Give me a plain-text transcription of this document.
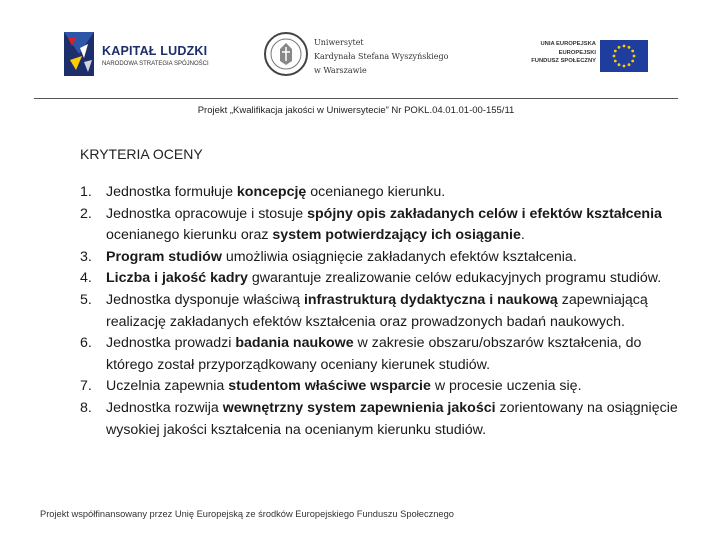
KAPITAŁ LUDZKI
NARODOWA STRATEGIA SPÓJNOŚCI
Uniwersytet
Kardynała Stefana Wyszyńskiego
w Warszawie
UNIA EUROPEJSKA
EUROPEJSKI
FUNDUSZ SPOŁECZNY
Projekt „Kwalifikacja jakości w Uniwersytecie” Nr POKL.04.01.01-00-155/11
KRYTERIA OCENY
1. Jednostka formułuje koncepcję ocenianego kierunku.
2. Jednostka opracowuje i stosuje spójny opis zakładanych celów i efektów kształcenia ocenianego kierunku oraz system potwierdzający ich osiąganie.
3. Program studiów umożliwia osiągnięcie zakładanych efektów kształcenia.
4. Liczba i jakość kadry gwarantuje zrealizowanie celów edukacyjnych programu studiów.
5. Jednostka dysponuje właściwą infrastrukturą dydaktyczna i naukową zapewniającą realizację zakładanych efektów kształcenia oraz prowadzonych badań naukowych.
6. Jednostka prowadzi badania naukowe w zakresie obszaru/obszarów kształcenia, do którego został przyporządkowany oceniany kierunek studiów.
7. Uczelnia zapewnia studentom właściwe wsparcie w procesie uczenia się.
8. Jednostka rozwija wewnętrzny system zapewnienia jakości zorientowany na osiągnięcie wysokiej jakości kształcenia na ocenianym kierunku studiów.
Projekt współfinansowany przez Unię Europejską ze środków Europejskiego Funduszu Społecznego
